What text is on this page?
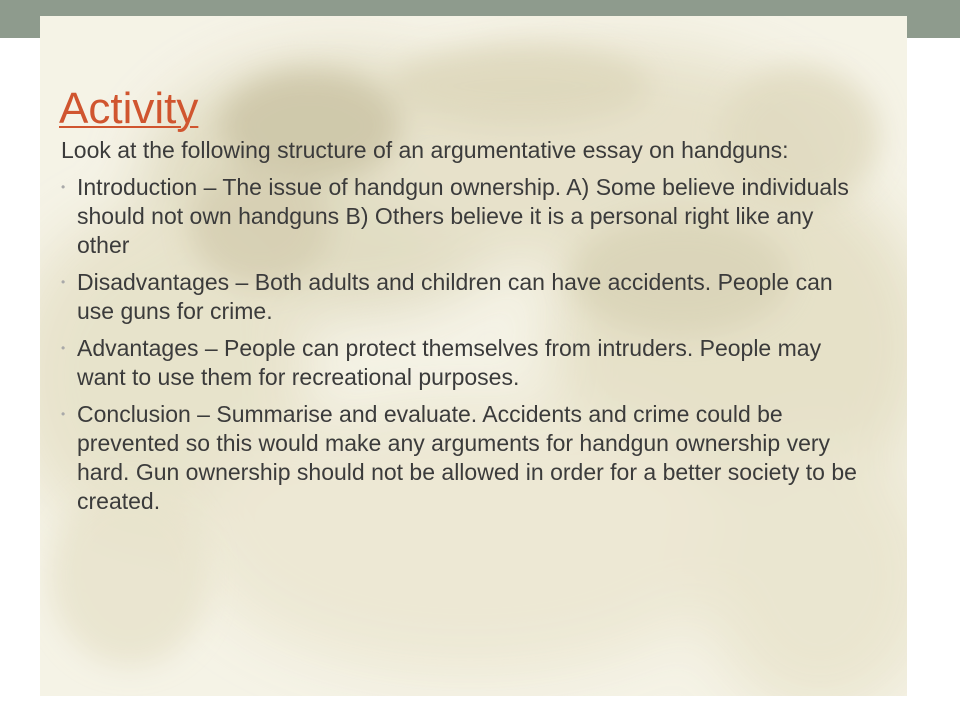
Activity

Look at the following structure of an argumentative essay on handguns:

• Introduction – The issue of handgun ownership. A) Some believe individuals should not own handguns B) Others believe it is a personal right like any other
• Disadvantages – Both adults and children can have accidents. People can use guns for crime.
• Advantages – People can protect themselves from intruders. People may want to use them for recreational purposes.
• Conclusion – Summarise and evaluate. Accidents and crime could be prevented so this would make any arguments for handgun ownership very hard. Gun ownership should not be allowed in order for a better society to be created.
